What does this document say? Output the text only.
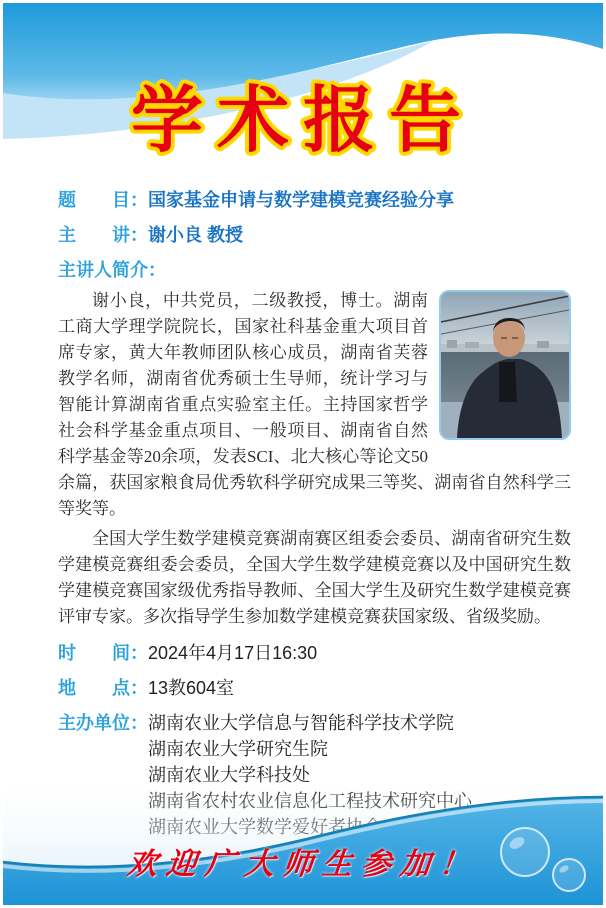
学术报告
题　　目：国家基金申请与数学建模竞赛经验分享
主　　讲：谢小良 教授
主讲人简介：

谢小良，中共党员，二级教授，博士。湖南工商大学理学院院长，国家社科基金重大项目首席专家，黄大年教师团队核心成员，湖南省芙蓉教学名师，湖南省优秀硕士生导师，统计学习与智能计算湖南省重点实验室主任。主持国家哲学社会科学基金重点项目、一般项目、湖南省自然科学基金等20余项，发表SCI、北大核心等论文50余篇，获国家粮食局优秀软科学研究成果三等奖、湖南省自然科学三等奖等。

全国大学生数学建模竞赛湖南赛区组委会委员、湖南省研究生数学建模竞赛组委会委员，全国大学生数学建模竞赛以及中国研究生数学建模竞赛国家级优秀指导教师、全国大学生及研究生数学建模竞赛评审专家。多次指导学生参加数学建模竞赛获国家级、省级奖励。

时　　间：2024年4月17日16:30
地　　点：13教604室
主办单位：湖南农业大学信息与智能科学技术学院
湖南农业大学研究生院
欢迎广大师生参加！
